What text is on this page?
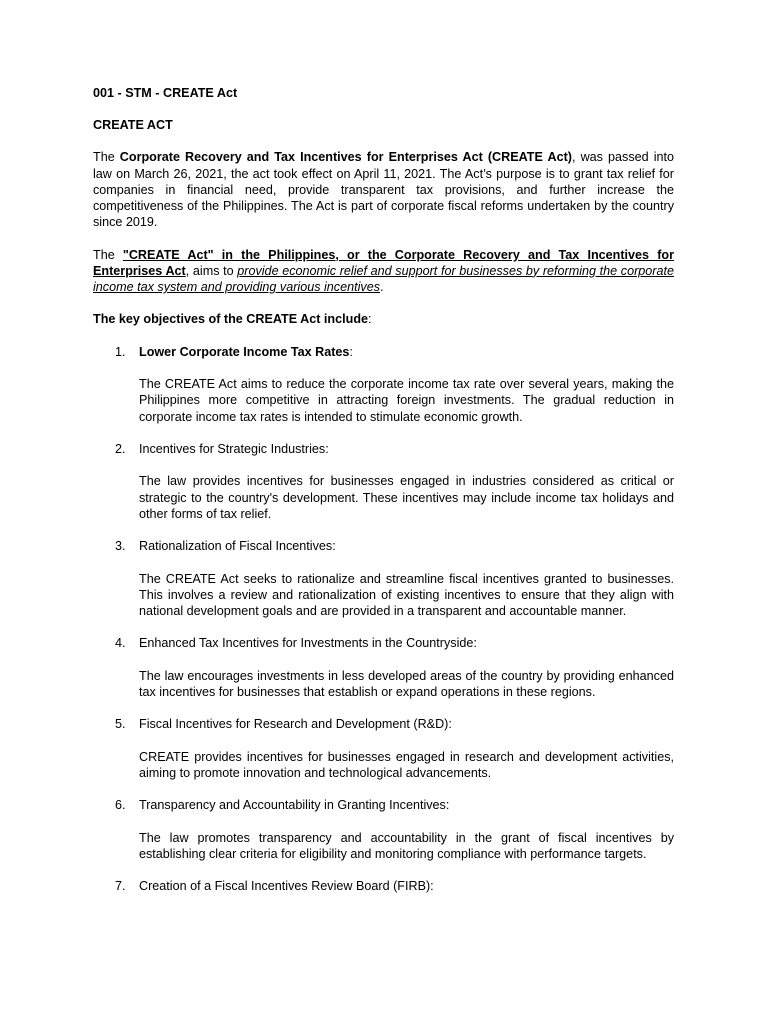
001 - STM - CREATE Act

CREATE ACT

The Corporate Recovery and Tax Incentives for Enterprises Act (CREATE Act), was passed into law on March 26, 2021, the act took effect on April 11, 2021. The Act’s purpose is to grant tax relief for companies in financial need, provide transparent tax provisions, and further increase the competitiveness of the Philippines. The Act is part of corporate fiscal reforms undertaken by the country since 2019.

The "CREATE Act" in the Philippines, or the Corporate Recovery and Tax Incentives for Enterprises Act, aims to provide economic relief and support for businesses by reforming the corporate income tax system and providing various incentives.

The key objectives of the CREATE Act include:

1. Lower Corporate Income Tax Rates:
The CREATE Act aims to reduce the corporate income tax rate over several years, making the Philippines more competitive in attracting foreign investments. The gradual reduction in corporate income tax rates is intended to stimulate economic growth.
2. Incentives for Strategic Industries:
The law provides incentives for businesses engaged in industries considered as critical or strategic to the country's development. These incentives may include income tax holidays and other forms of tax relief.
3. Rationalization of Fiscal Incentives:
The CREATE Act seeks to rationalize and streamline fiscal incentives granted to businesses. This involves a review and rationalization of existing incentives to ensure that they align with national development goals and are provided in a transparent and accountable manner.
4. Enhanced Tax Incentives for Investments in the Countryside:
The law encourages investments in less developed areas of the country by providing enhanced tax incentives for businesses that establish or expand operations in these regions.
5. Fiscal Incentives for Research and Development (R&D):
CREATE provides incentives for businesses engaged in research and development activities, aiming to promote innovation and technological advancements.
6. Transparency and Accountability in Granting Incentives:
The law promotes transparency and accountability in the grant of fiscal incentives by establishing clear criteria for eligibility and monitoring compliance with performance targets.
7. Creation of a Fiscal Incentives Review Board (FIRB):
